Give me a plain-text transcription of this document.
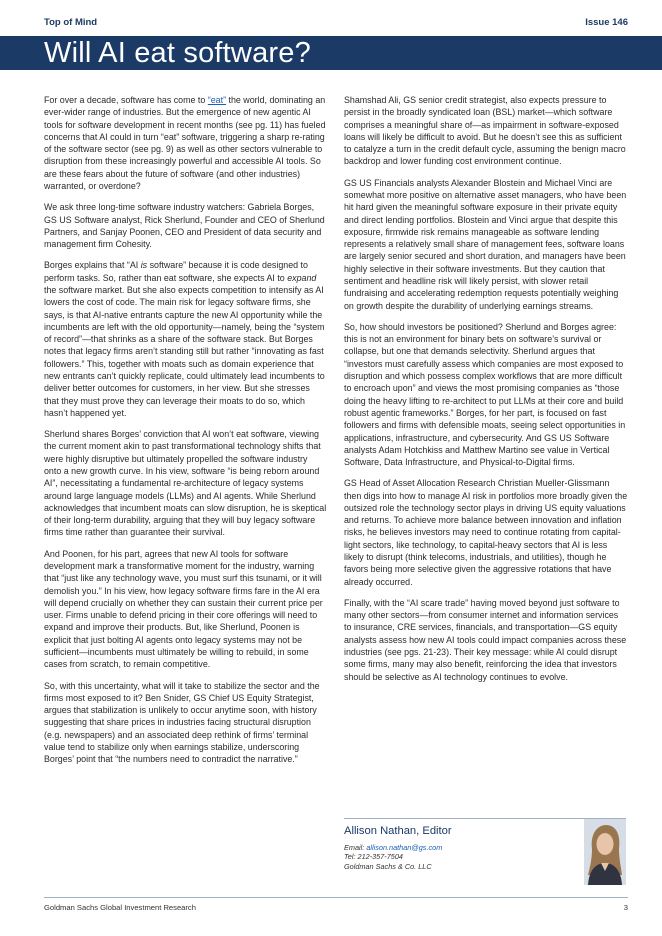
Top of Mind	Issue 146
Will AI eat software?

For over a decade, software has come to “eat” the world, dominating an ever-wider range of industries. But the emergence of new agentic AI tools for software development in recent months (see pg. 11) has fueled concerns that AI could in turn “eat” software, triggering a sharp re-rating of the software sector (see pg. 9) as well as other sectors vulnerable to disruption from these increasingly powerful and accessible AI tools. So are these fears about the future of software (and other industries) warranted, or overdone?

We ask three long-time software industry watchers: Gabriela Borges, GS US Software analyst, Rick Sherlund, Founder and CEO of Sherlund Partners, and Sanjay Poonen, CEO and President of data security and management firm Cohesity.

Borges explains that “AI is software” because it is code designed to perform tasks. So, rather than eat software, she expects AI to expand the software market. But she also expects competition to intensify as AI lowers the cost of code. The main risk for legacy software firms, she says, is that AI-native entrants capture the new AI opportunity while the incumbents are left with the old opportunity—namely, being the “system of record”—that shrinks as a share of the software stack. But Borges notes that legacy firms aren’t standing still but rather “innovating as fast followers.” This, together with moats such as domain experience that new entrants can’t quickly replicate, could ultimately lead incumbents to deliver better outcomes for customers, in her view. But she stresses that they must prove they can leverage their moats to do so, which hasn’t happened yet.

Sherlund shares Borges’ conviction that AI won’t eat software, viewing the current moment akin to past transformational technology shifts that were highly disruptive but ultimately propelled the software industry onto a new growth curve. In his view, software “is being reborn around AI”, necessitating a fundamental re-architecture of legacy systems around large language models (LLMs) and AI agents. While Sherlund acknowledges that incumbent moats can slow disruption, he is skeptical of their long-term durability, arguing that they will buy legacy software firms time rather than guarantee their survival.

And Poonen, for his part, agrees that new AI tools for software development mark a transformative moment for the industry, warning that “just like any technology wave, you must surf this tsunami, or it will demolish you.” In his view, how legacy software firms fare in the AI era will depend crucially on whether they can sustain their current price per user. Firms unable to defend pricing in their core offerings will need to expand and improve their products. But, like Sherlund, Poonen is explicit that just bolting AI agents onto legacy systems may not be sufficient—incumbents must ultimately be willing to rebuild, in some cases from scratch, to remain competitive.

So, with this uncertainty, what will it take to stabilize the sector and the firms most exposed to it? Ben Snider, GS Chief US Equity Strategist, argues that stabilization is unlikely to occur anytime soon, with history suggesting that share prices in industries facing structural disruption (e.g. newspapers) and an associated deep rethink of firms’ terminal value tend to stabilize only when earnings stabilize, underscoring Borges’ point that “the numbers need to contradict the narrative.”

Shamshad Ali, GS senior credit strategist, also expects pressure to persist in the broadly syndicated loan (BSL) market—which software comprises a meaningful share of—as impairment in software-exposed loans will likely be difficult to avoid. But he doesn’t see this as sufficient to catalyze a turn in the credit default cycle, assuming the benign macro backdrop and lower funding cost environment continue.

GS US Financials analysts Alexander Blostein and Michael Vinci are somewhat more positive on alternative asset managers, who have been hit hard given the meaningful software exposure in their private equity and direct lending portfolios. Blostein and Vinci argue that despite this exposure, firmwide risk remains manageable as software lending represents a relatively small share of management fees, software loans are largely senior secured and short duration, and managers have been highly selective in their software investments. But they caution that sentiment and headline risk will likely persist, with slower retail fundraising and accelerating redemption requests potentially weighing on growth despite the durability of underlying earnings streams.

So, how should investors be positioned? Sherlund and Borges agree: this is not an environment for binary bets on software’s survival or collapse, but one that demands selectivity. Sherlund argues that “investors must carefully assess which companies are most exposed to disruption and which possess complex workflows that are more difficult to encroach upon” and views the most promising companies as “those doing the heavy lifting to re-architect to put LLMs at their core and build robust agentic frameworks.” Borges, for her part, is focused on fast followers and firms with defensible moats, seeing select opportunities in applications, infrastructure, and cybersecurity. And GS US Software analysts Adam Hotchkiss and Matthew Martino see value in Vertical Software, Data Infrastructure, and Physical-to-Digital firms.

GS Head of Asset Allocation Research Christian Mueller-Glissmann then digs into how to manage AI risk in portfolios more broadly given the outsized role the technology sector plays in driving US equity valuations and returns. To achieve more balance between innovation and inflation risks, he believes investors may need to continue rotating from capital-light sectors, like technology, to capital-heavy sectors that AI is less likely to disrupt (think telecoms, industrials, and utilities), though he favors being more selective given the aggressive rotations that have already occurred.

Finally, with the “AI scare trade” having moved beyond just software to many other sectors—from consumer internet and information services to insurance, CRE services, financials, and transportation—GS equity analysts assess how new AI tools could impact companies across these industries (see pgs. 21-23). Their key message: while AI could disrupt some firms, many may also benefit, reinforcing the idea that investors should be selective as AI technology continues to evolve.

Allison Nathan, Editor
Email: allison.nathan@gs.com
Tel: 212-357-7504
Goldman Sachs & Co. LLC
Goldman Sachs Global Investment Research	3
